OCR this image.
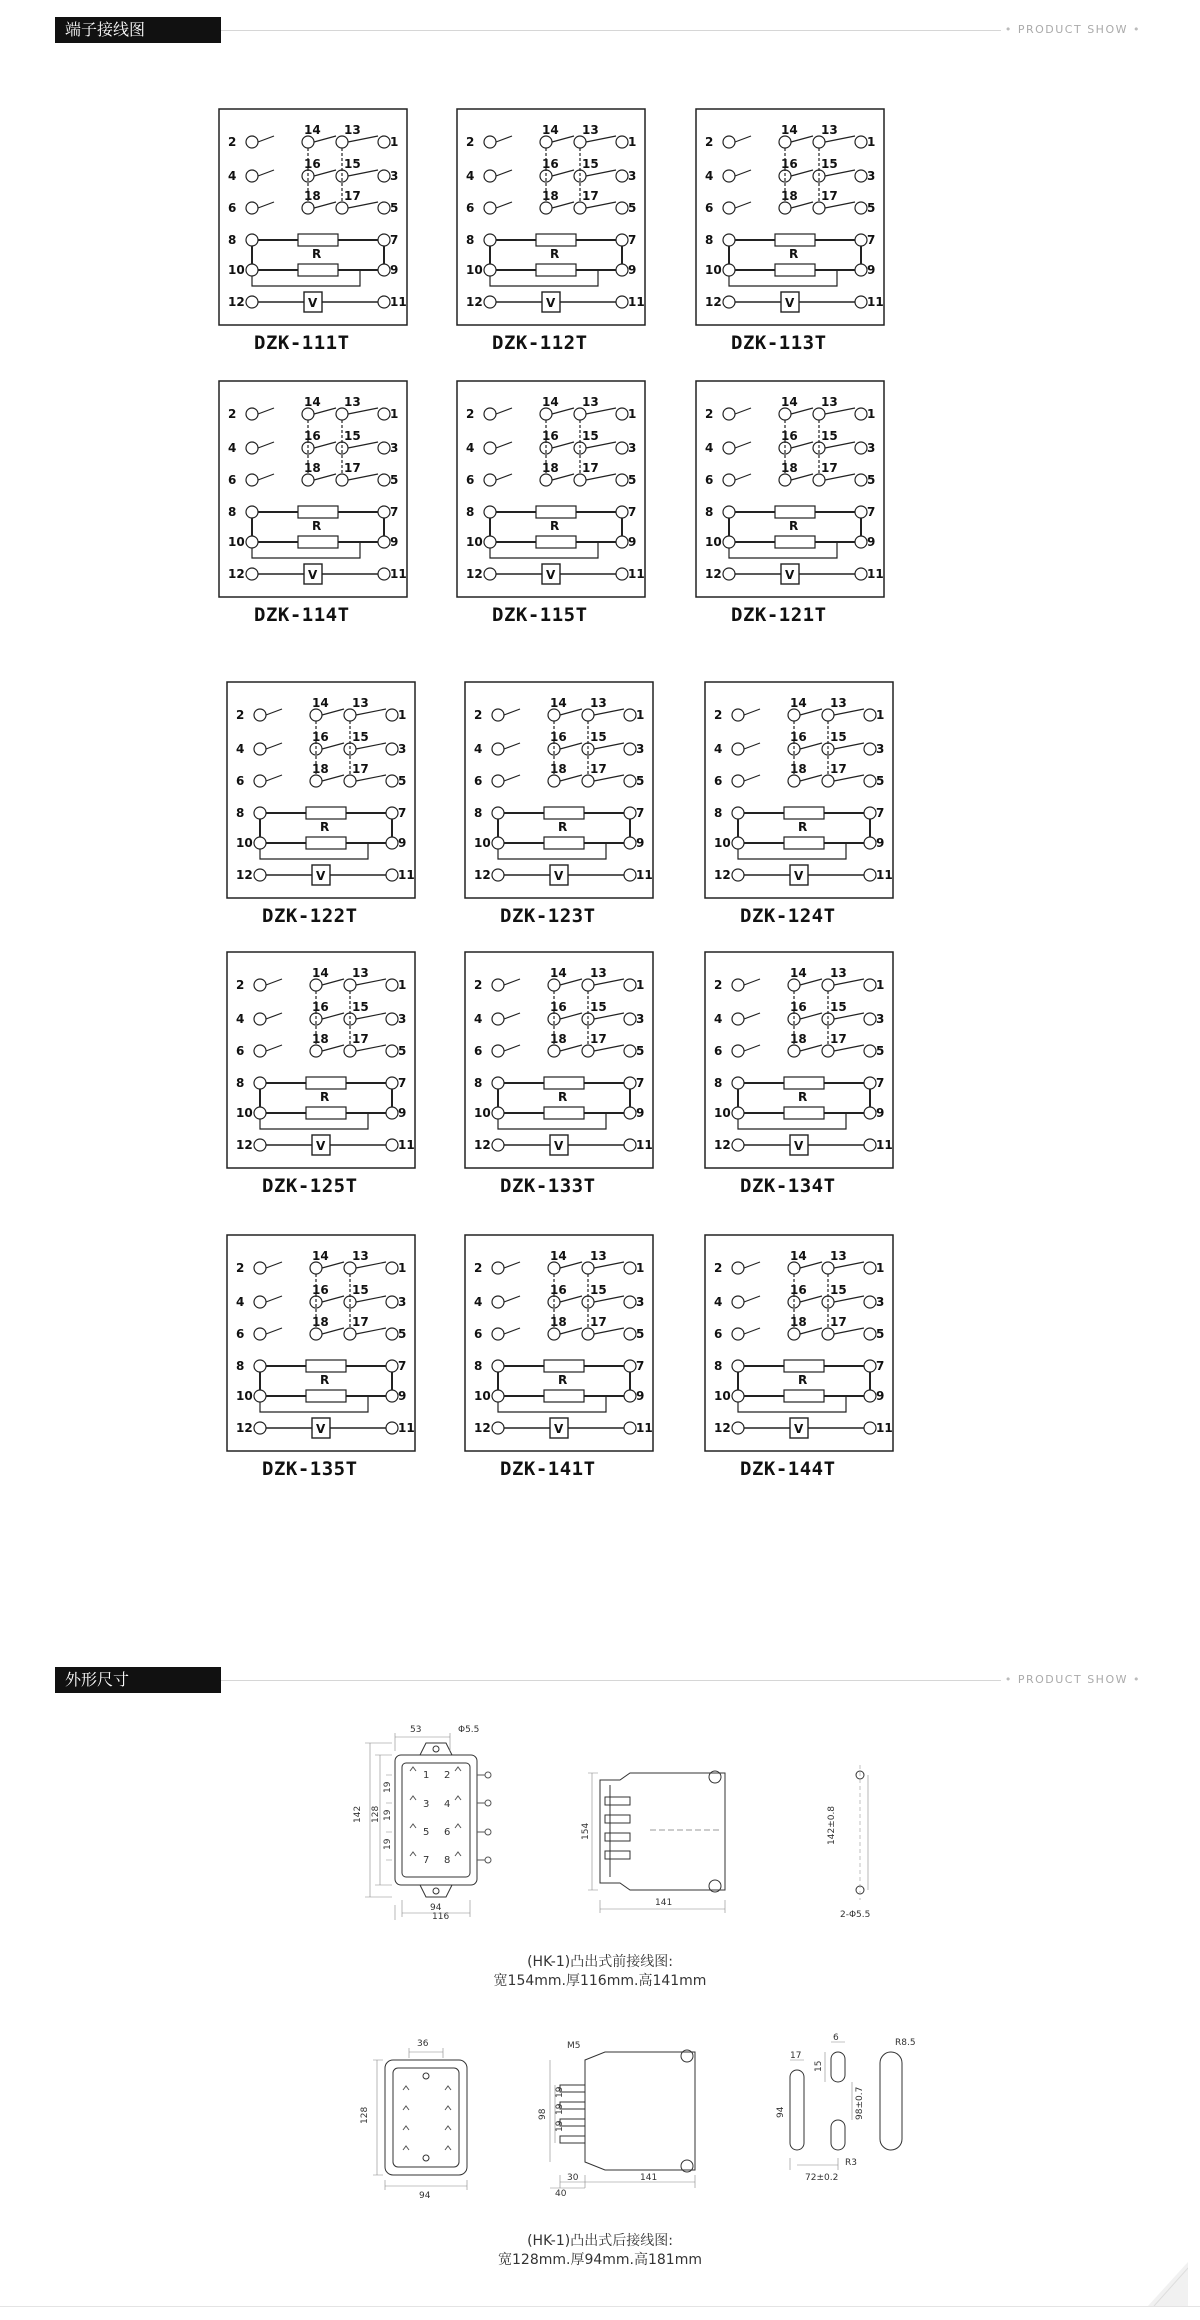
端子接线图	• PRODUCT SHOW •
2	1
4	3
6	5
8	7
10	9
12	11
14 13
16 15
18 17
R
V
DZK-111T
2	1
4	3
6	5
8	7
10	9
12	11
14 13
16 15
18 17
R
V
DZK-112T
2	1
4	3
6	5
8	7
10	9
12	11
14 13
16 15
18 17
R
V
DZK-113T
2	1
4	3
6	5
8	7
10	9
12	11
14 13
16 15
18 17
R
V
DZK-114T
2	1
4	3
6	5
8	7
10	9
12	11
14 13
16 15
18 17
R
V
DZK-115T
2	1
4	3
6	5
8	7
10	9
12	11
14 13
16 15
18 17
R
V
DZK-121T
2	1
4	3
6	5
8	7
10	9
12	11
14 13
16 15
18 17
R
V
DZK-122T
2	1
4	3
6	5
8	7
10	9
12	11
14 13
16 15
18 17
R
V
DZK-123T
2	1
4	3
6	5
8	7
10	9
12	11
14 13
16 15
18 17
R
V
DZK-124T
2	1
4	3
6	5
8	7
10	9
12	11
14 13
16 15
18 17
R
V
DZK-125T
2	1
4	3
6	5
8	7
10	9
12	11
14 13
16 15
18 17
R
V
DZK-133T
2	1
4	3
6	5
8	7
10	9
12	11
14 13
16 15
18 17
R
V
DZK-134T
2	1
4	3
6	5
8	7
10	9
12	11
14 13
16 15
18 17
R
V
DZK-135T
2	1
4	3
6	5
8	7
10	9
12	11
14 13
16 15
18 17
R
V
DZK-141T
2	1
4	3
6	5
8	7
10	9
12	11
14 13
16 15
18 17
R
V
DZK-144T
外形尺寸	• PRODUCT SHOW •
1 2
3 4
5 6
7 8
53	Φ5.5
142 128
19
19
19
94
116
154
141
142±0.8
2-Φ5.5
(HK-1)凸出式前接线图:
宽154mm.厚116mm.高141mm
36
128
94
M5
98
19
19
19
30
40
141
17
6
15
94	98±0.7
72±0.2
R8.5
R3
(HK-1)凸出式后接线图:
宽128mm.厚94mm.高181mm
